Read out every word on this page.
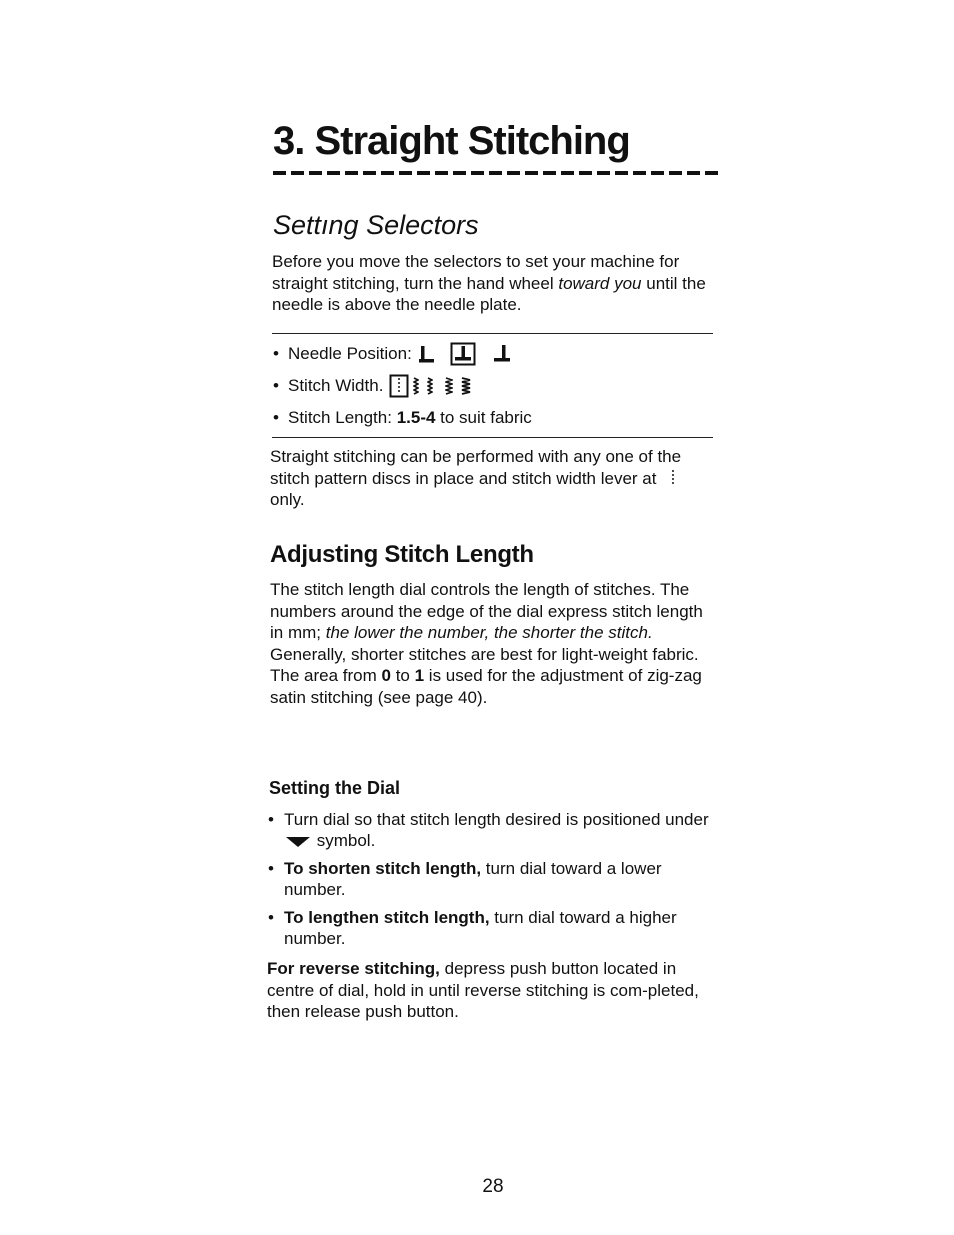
3. Straight Stitching
Settıng Selectors

Before you move the selectors to set your machine for straight stitching, turn the hand wheel toward you until the needle is above the needle plate.

• Needle Position:
• Stitch Width.
• Stitch Length: 1.5-4 to suit fabric

Straight stitching can be performed with any one of the stitch pattern discs in place and stitch width lever at  only.

Adjusting Stitch Length

The stitch length dial controls the length of stitches. The numbers around the edge of the dial express stitch length in mm; the lower the number, the shorter the stitch. Generally, shorter stitches are best for light-weight fabric. The area from 0 to 1 is used for the adjustment of zig-zag satin stitching (see page 40).

Setting the Dial
• Turn dial so that stitch length desired is positioned under  symbol.
• To shorten stitch length, turn dial toward a lower number.
• To lengthen stitch length, turn dial toward a higher number.

For reverse stitching, depress push button located in centre of dial, hold in until reverse stitching is com-pleted, then release push button.

28
